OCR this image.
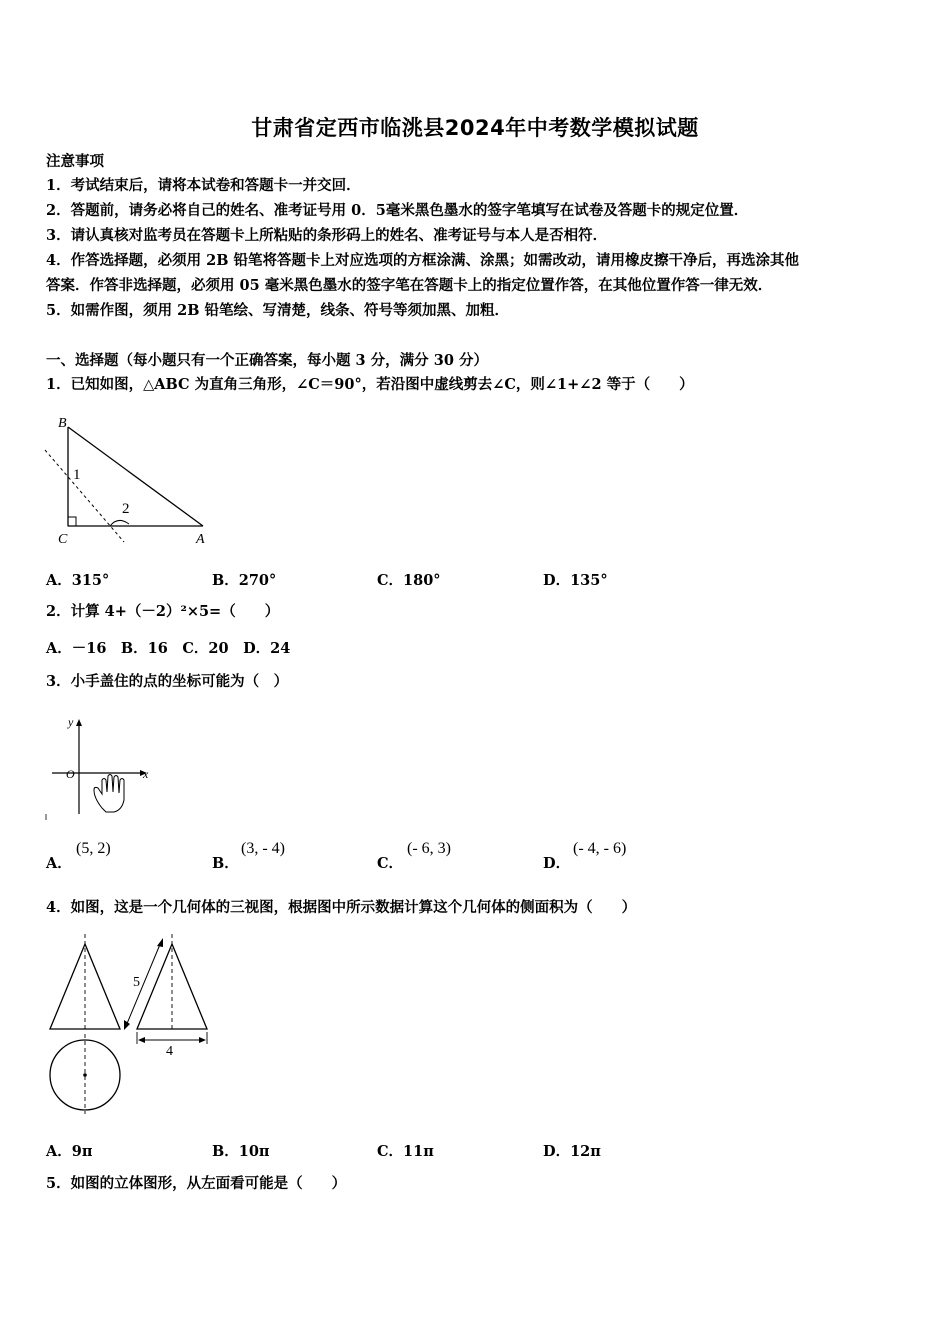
甘肃省定西市临洮县2024年中考数学模拟试题
注意事项
1．考试结束后，请将本试卷和答题卡一并交回．
2．答题前，请务必将自己的姓名、准考证号用 0．5毫米黑色墨水的签字笔填写在试卷及答题卡的规定位置．
3．请认真核对监考员在答题卡上所粘贴的条形码上的姓名、准考证号与本人是否相符．
4．作答选择题，必须用 2B 铅笔将答题卡上对应选项的方框涂满、涂黑；如需改动，请用橡皮擦干净后，再选涂其他
答案．作答非选择题，必须用 05 毫米黑色墨水的签字笔在答题卡上的指定位置作答，在其他位置作答一律无效．
5．如需作图，须用 2B 铅笔绘、写清楚，线条、符号等须加黑、加粗．
一、选择题（每小题只有一个正确答案，每小题 3 分，满分 30 分）
1．已知如图，△ABC 为直角三角形，∠C＝90°，若沿图中虚线剪去∠C，则∠1+∠2 等于（　　）
B
C	A
1
2
A．315°	B．270°	C．180°	D．135°
2．计算 4+（－2）²×5=（　　）
A．－16　B．16　C．20　D．24
3．小手盖住的点的坐标可能为（　）
y
x
O
A．
(5, 2)
B．
(3, - 4)
C．
(- 6, 3)
D．
(- 4, - 6)
4．如图，这是一个几何体的三视图，根据图中所示数据计算这个几何体的侧面积为（　　）
5
4
A．9π	B．10π	C．11π	D．12π
5．如图的立体图形，从左面看可能是（　　）
